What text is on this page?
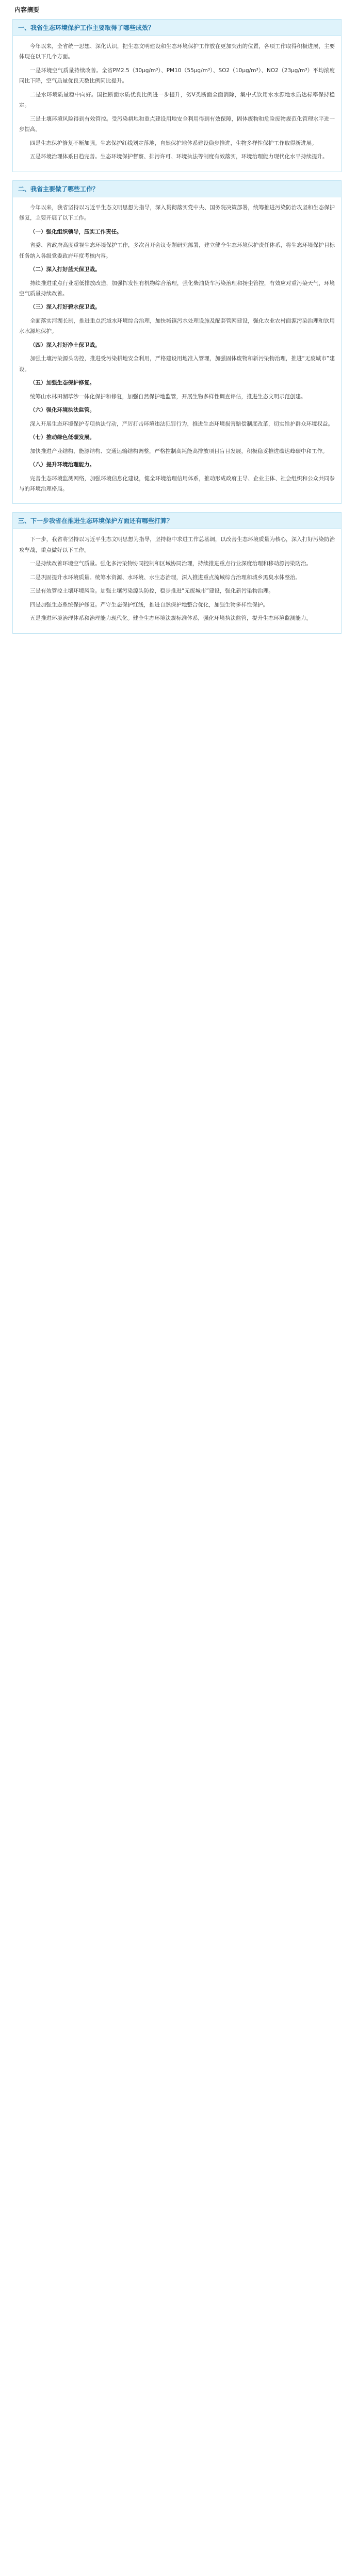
内容摘要
一、我省生态环境保护工作主要取得了哪些成效？

今年以来，全省统一思想、深化认识，把生态文明建设和生态环境保护工作放在更加突出的位置，各项工作取得积极进展，主要体现在以下几个方面。

一是环境空气质量持续改善。全省PM2.5（30μg/m³）、PM10（55μg/m³）、SO2（10μg/m³）、NO2（23μg/m³）平均浓度同比下降，空气质量优良天数比例同比提升。

二是水环境质量稳中向好。国控断面水质优良比例进一步提升，劣Ⅴ类断面全面消除，集中式饮用水水源地水质达标率保持稳定。

三是土壤环境风险得到有效管控。受污染耕地和重点建设用地安全利用得到有效保障，固体废物和危险废物规范化管理水平进一步提高。

四是生态保护修复不断加强。生态保护红线划定落地，自然保护地体系建设稳步推进，生物多样性保护工作取得新进展。

五是环境治理体系日趋完善。生态环境保护督察、排污许可、环境执法等制度有效落实，环境治理能力现代化水平持续提升。

二、我省主要做了哪些工作？

今年以来，我省坚持以习近平生态文明思想为指导，深入贯彻落实党中央、国务院决策部署，统筹推进污染防治攻坚和生态保护修复，主要开展了以下工作。

（一）强化组织领导，压实工作责任。

省委、省政府高度重视生态环境保护工作，多次召开会议专题研究部署，建立健全生态环境保护责任体系，将生态环境保护目标任务纳入各级党委政府年度考核内容。

（二）深入打好蓝天保卫战。

持续推进重点行业超低排放改造，加强挥发性有机物综合治理，强化柴油货车污染治理和扬尘管控，有效应对重污染天气，环境空气质量持续改善。

（三）深入打好碧水保卫战。

全面落实河湖长制，推进重点流域水环境综合治理，加快城镇污水处理设施及配套管网建设，强化农业农村面源污染治理和饮用水水源地保护。

（四）深入打好净土保卫战。

加强土壤污染源头防控，推进受污染耕地安全利用，严格建设用地准入管理，加强固体废物和新污染物治理，推进“无废城市”建设。

（五）加强生态保护修复。

统筹山水林田湖草沙一体化保护和修复，加强自然保护地监管，开展生物多样性调查评估，推进生态文明示范创建。

（六）强化环境执法监管。

深入开展生态环境保护专项执法行动，严厉打击环境违法犯罪行为，推进生态环境损害赔偿制度改革，切实维护群众环境权益。

（七）推动绿色低碳发展。

加快推进产业结构、能源结构、交通运输结构调整，严格控制高耗能高排放项目盲目发展，积极稳妥推进碳达峰碳中和工作。

（八）提升环境治理能力。

完善生态环境监测网络，加强环境信息化建设，健全环境治理信用体系，推动形成政府主导、企业主体、社会组织和公众共同参与的环境治理格局。

三、下一步我省在推进生态环境保护方面还有哪些打算？

下一步，我省将坚持以习近平生态文明思想为指导，坚持稳中求进工作总基调，以改善生态环境质量为核心，深入打好污染防治攻坚战，重点做好以下工作。

一是持续改善环境空气质量。强化多污染物协同控制和区域协同治理，持续推进重点行业深度治理和移动源污染防治。

二是巩固提升水环境质量。统筹水资源、水环境、水生态治理，深入推进重点流域综合治理和城乡黑臭水体整治。

三是有效管控土壤环境风险。加强土壤污染源头防控，稳步推进“无废城市”建设，强化新污染物治理。

四是加强生态系统保护修复。严守生态保护红线，推进自然保护地整合优化，加强生物多样性保护。

五是推进环境治理体系和治理能力现代化。健全生态环境法规标准体系，强化环境执法监管，提升生态环境监测能力。
